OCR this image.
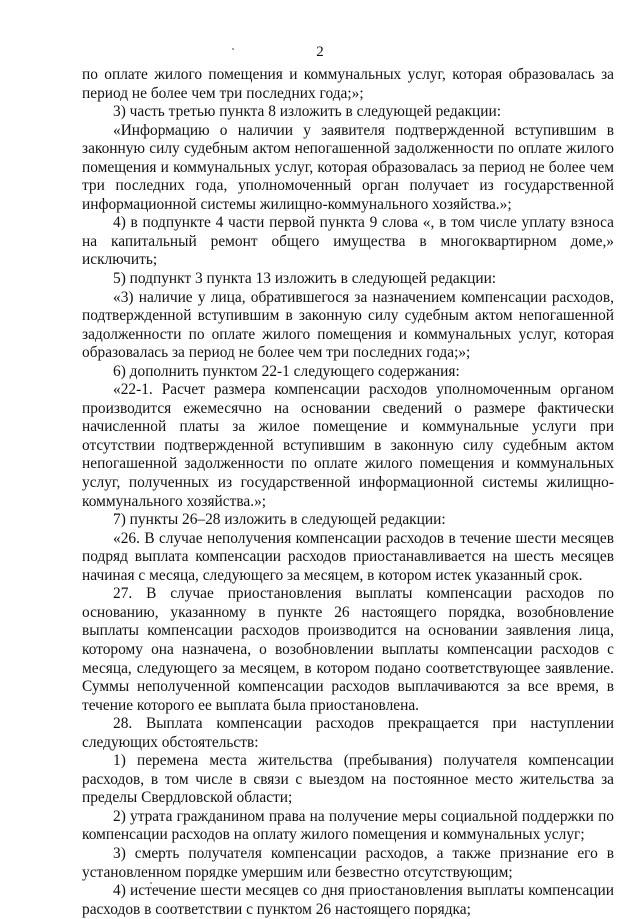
2

по оплате жилого помещения и коммунальных услуг, которая образовалась за период не более чем три последних года;»;

3) часть третью пункта 8 изложить в следующей редакции:

«Информацию о наличии у заявителя подтвержденной вступившим в законную силу судебным актом непогашенной задолженности по оплате жилого помещения и коммунальных услуг, которая образовалась за период не более чем три последних года, уполномоченный орган получает из государственной информационной системы жилищно-коммунального хозяйства.»;

4) в подпункте 4 части первой пункта 9 слова «, в том числе уплату взноса на капитальный ремонт общего имущества в многоквартирном доме,» исключить;

5) подпункт 3 пункта 13 изложить в следующей редакции:

«3) наличие у лица, обратившегося за назначением компенсации расходов, подтвержденной вступившим в законную силу судебным актом непогашенной задолженности по оплате жилого помещения и коммунальных услуг, которая образовалась за период не более чем три последних года;»;

6) дополнить пунктом 22-1 следующего содержания:

«22-1. Расчет размера компенсации расходов уполномоченным органом производится ежемесячно на основании сведений о размере фактически начисленной платы за жилое помещение и коммунальные услуги при отсутствии подтвержденной вступившим в законную силу судебным актом непогашенной задолженности по оплате жилого помещения и коммунальных услуг, полученных из государственной информационной системы жилищно-коммунального хозяйства.»;

7) пункты 26–28 изложить в следующей редакции:

«26. В случае неполучения компенсации расходов в течение шести месяцев подряд выплата компенсации расходов приостанавливается на шесть месяцев начиная с месяца, следующего за месяцем, в котором истек указанный срок.

27. В случае приостановления выплаты компенсации расходов по основанию, указанному в пункте 26 настоящего порядка, возобновление выплаты компенсации расходов производится на основании заявления лица, которому она назначена, о возобновлении выплаты компенсации расходов с месяца, следующего за месяцем, в котором подано соответствующее заявление. Суммы неполученной компенсации расходов выплачиваются за все время, в течение которого ее выплата была приостановлена.

28. Выплата компенсации расходов прекращается при наступлении следующих обстоятельств:

1) перемена места жительства (пребывания) получателя компенсации расходов, в том числе в связи с выездом на постоянное место жительства за пределы Свердловской области;

2) утрата гражданином права на получение меры социальной поддержки по компенсации расходов на оплату жилого помещения и коммунальных услуг;

3) смерть получателя компенсации расходов, а также признание его в установленном порядке умершим или безвестно отсутствующим;

4) истечение шести месяцев со дня приостановления выплаты компенсации расходов в соответствии с пунктом 26 настоящего порядка;
